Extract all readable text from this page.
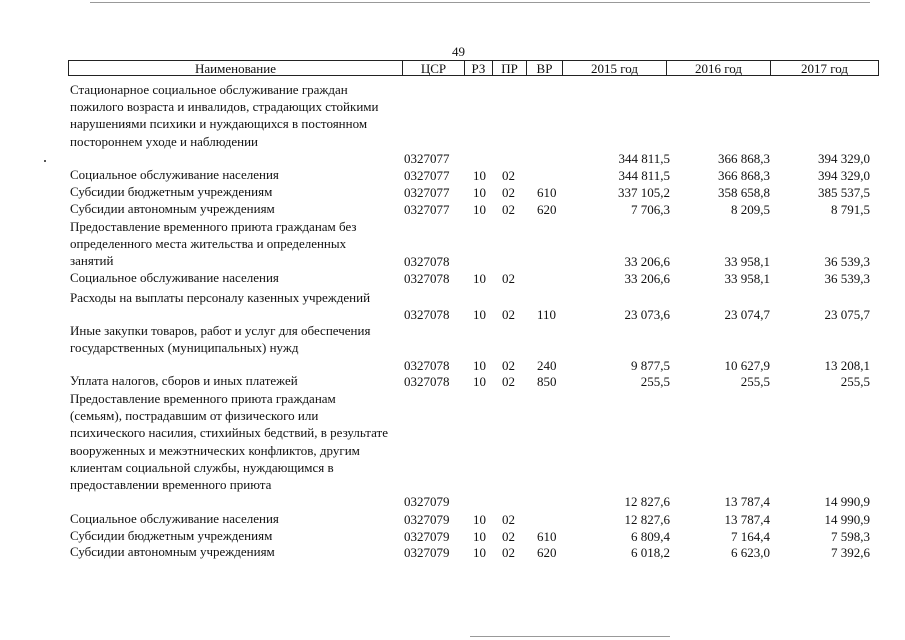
49
Наименование	ЦСР	РЗ	ПР	ВР	2015 год	2016 год	2017 год
Стационарное социальное обслуживание граждан пожилого возраста и инвалидов, страдающих стойкими нарушениями психики и нуждающихся в постоянном постороннем уходе и наблюдении
0327077	344 811,5	366 868,3	394 329,0
Социальное обслуживание населения	0327077 10 02	344 811,5	366 868,3	394 329,0
Субсидии бюджетным учреждениям	0327077 10 02 610	337 105,2	358 658,8	385 537,5
Субсидии автономным учреждениям	0327077 10 02 620	7 706,3	8 209,5	8 791,5
Предоставление временного приюта гражданам без определенного места жительства и определенных занятий	0327078	33 206,6	33 958,1	36 539,3
Социальное обслуживание населения	0327078 10 02	33 206,6	33 958,1	36 539,3
Расходы на выплаты персоналу казенных учреждений
0327078 10 02 110	23 073,6	23 074,7	23 075,7
Иные закупки товаров, работ и услуг для обеспечения государственных (муниципальных) нужд
0327078 10 02 240	9 877,5	10 627,9	13 208,1
Уплата налогов, сборов и иных платежей	0327078 10 02 850	255,5	255,5	255,5
Предоставление временного приюта гражданам (семьям), пострадавшим от физического или психического насилия, стихийных бедствий, в результате вооруженных и межэтнических конфликтов, другим клиентам социальной службы, нуждающимся в предоставлении временного приюта
0327079	12 827,6	13 787,4	14 990,9
Социальное обслуживание населения	0327079 10 02	12 827,6	13 787,4	14 990,9
Субсидии бюджетным учреждениям	0327079 10 02 610	6 809,4	7 164,4	7 598,3
Субсидии автономным учреждениям	0327079 10 02 620	6 018,2	6 623,0	7 392,6
